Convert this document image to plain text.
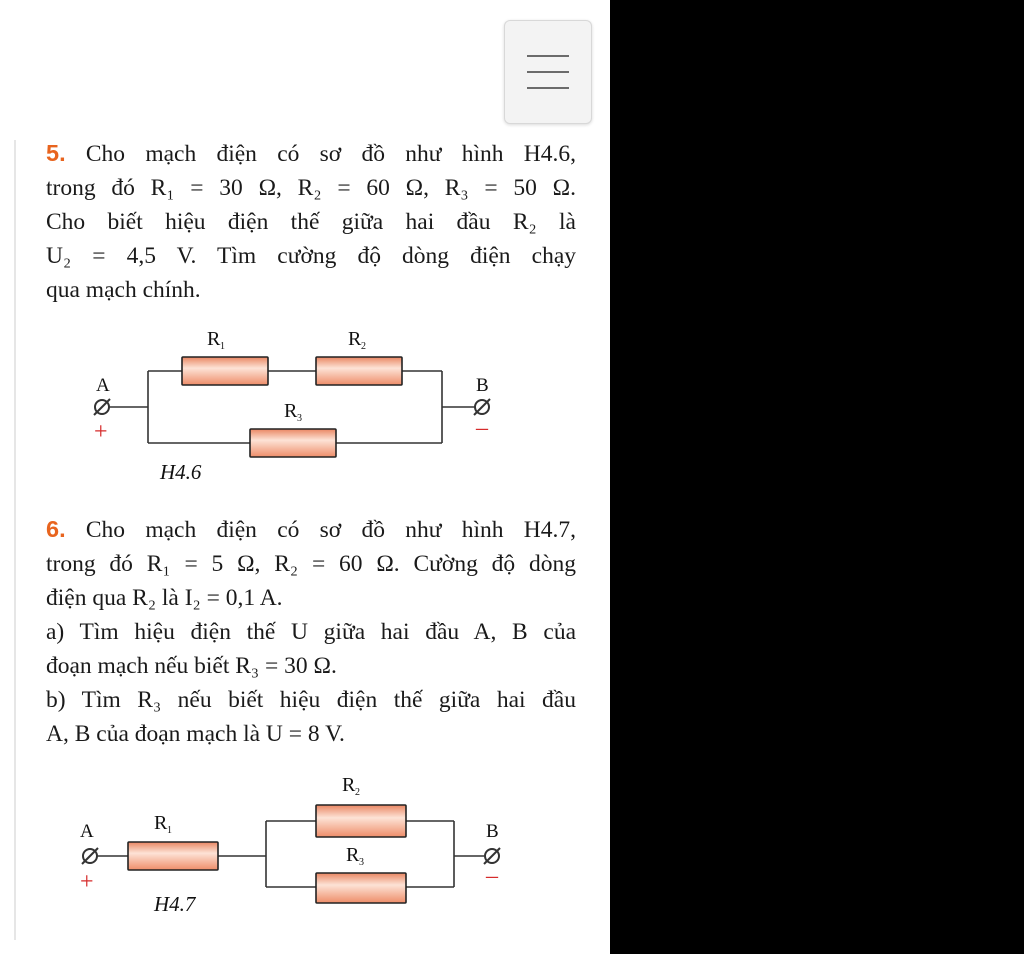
5. Cho mạch điện có sơ đồ như hình H4.6,

trong đó R₁ = 30 Ω, R₂ = 60 Ω, R₃ = 50 Ω.

Cho biết hiệu điện thế giữa hai đầu R₂ là

U₂ = 4,5 V. Tìm cường độ dòng điện chạy

qua mạch chính.

R 1	R 2
R 3
A	B
+	–
H4.6

6. Cho mạch điện có sơ đồ như hình H4.7,

trong đó R₁ = 5 Ω, R₂ = 60 Ω. Cường độ dòng

điện qua R₂ là I₂ = 0,1 A.

a) Tìm hiệu điện thế U giữa hai đầu A, B của

đoạn mạch nếu biết R₃ = 30 Ω.

b) Tìm R₃ nếu biết hiệu điện thế giữa hai đầu

A, B của đoạn mạch là U = 8 V.

R 1
R 2
R 3
A	B
+	–
H4.7
